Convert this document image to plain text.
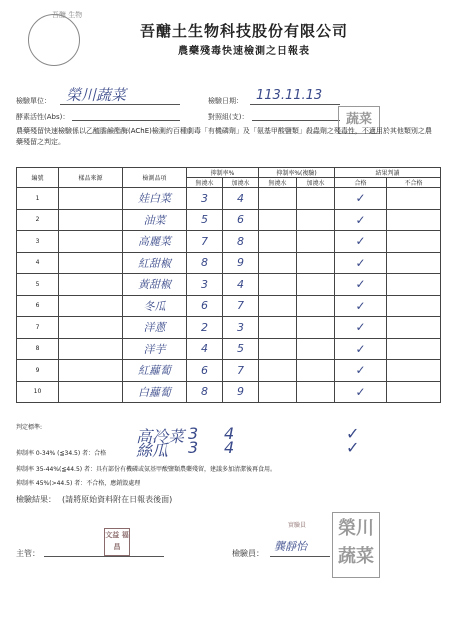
吾醣 生物
吾醣土生物科技股份有限公司
農藥殘毒快速檢測之日報表
檢驗單位： 榮川蔬菜	檢驗日期： 113.11.13
酵素活性(Abs)：	對照組(支)：	蔬菜
農藥殘留快速檢驗係以乙醯膽鹼酯酶(AChE)檢測約百種劇毒「有機磷劑」及「氨基甲酸鹽類」殺蟲劑之殘毒性，不適用於其他類別之農藥殘留之判定。
編號	樣品來源	檢測品項	抑制率%		抑制率%(複驗)		結果判讀	
			無澆水	加澆水	無澆水	加澆水	合格	不合格
1		娃白菜	3	4			✓	
2		油菜	5	6			✓	
3		高麗菜	7	8			✓	
4		紅甜椒	8	9			✓	
5		黃甜椒	3	4			✓	
6		冬瓜	6	7			✓	
7		洋蔥	2	3			✓	
8		洋芋	4	5			✓	
9		紅蘿蔔	6	7			✓	
10		白蘿蔔	8	9			✓	
高冷菜 3 4	✓
絲瓜 3 4	✓
判定標準:
抑制率 0-34% (≦34.5) 者：合格
抑制率 35-44%(≦44.5) 者：具有部份有機磷或氨基甲酸鹽類農藥殘留，建議多加清潔後再食用。
抑制率 45%(>44.5) 者：不合格，應銷毀處理
檢驗結果： (請將原始資料附在日報表後面)
主管：
文益 福昌
檢驗員：
龔靜怡
實驗員	榮川 蔬菜
